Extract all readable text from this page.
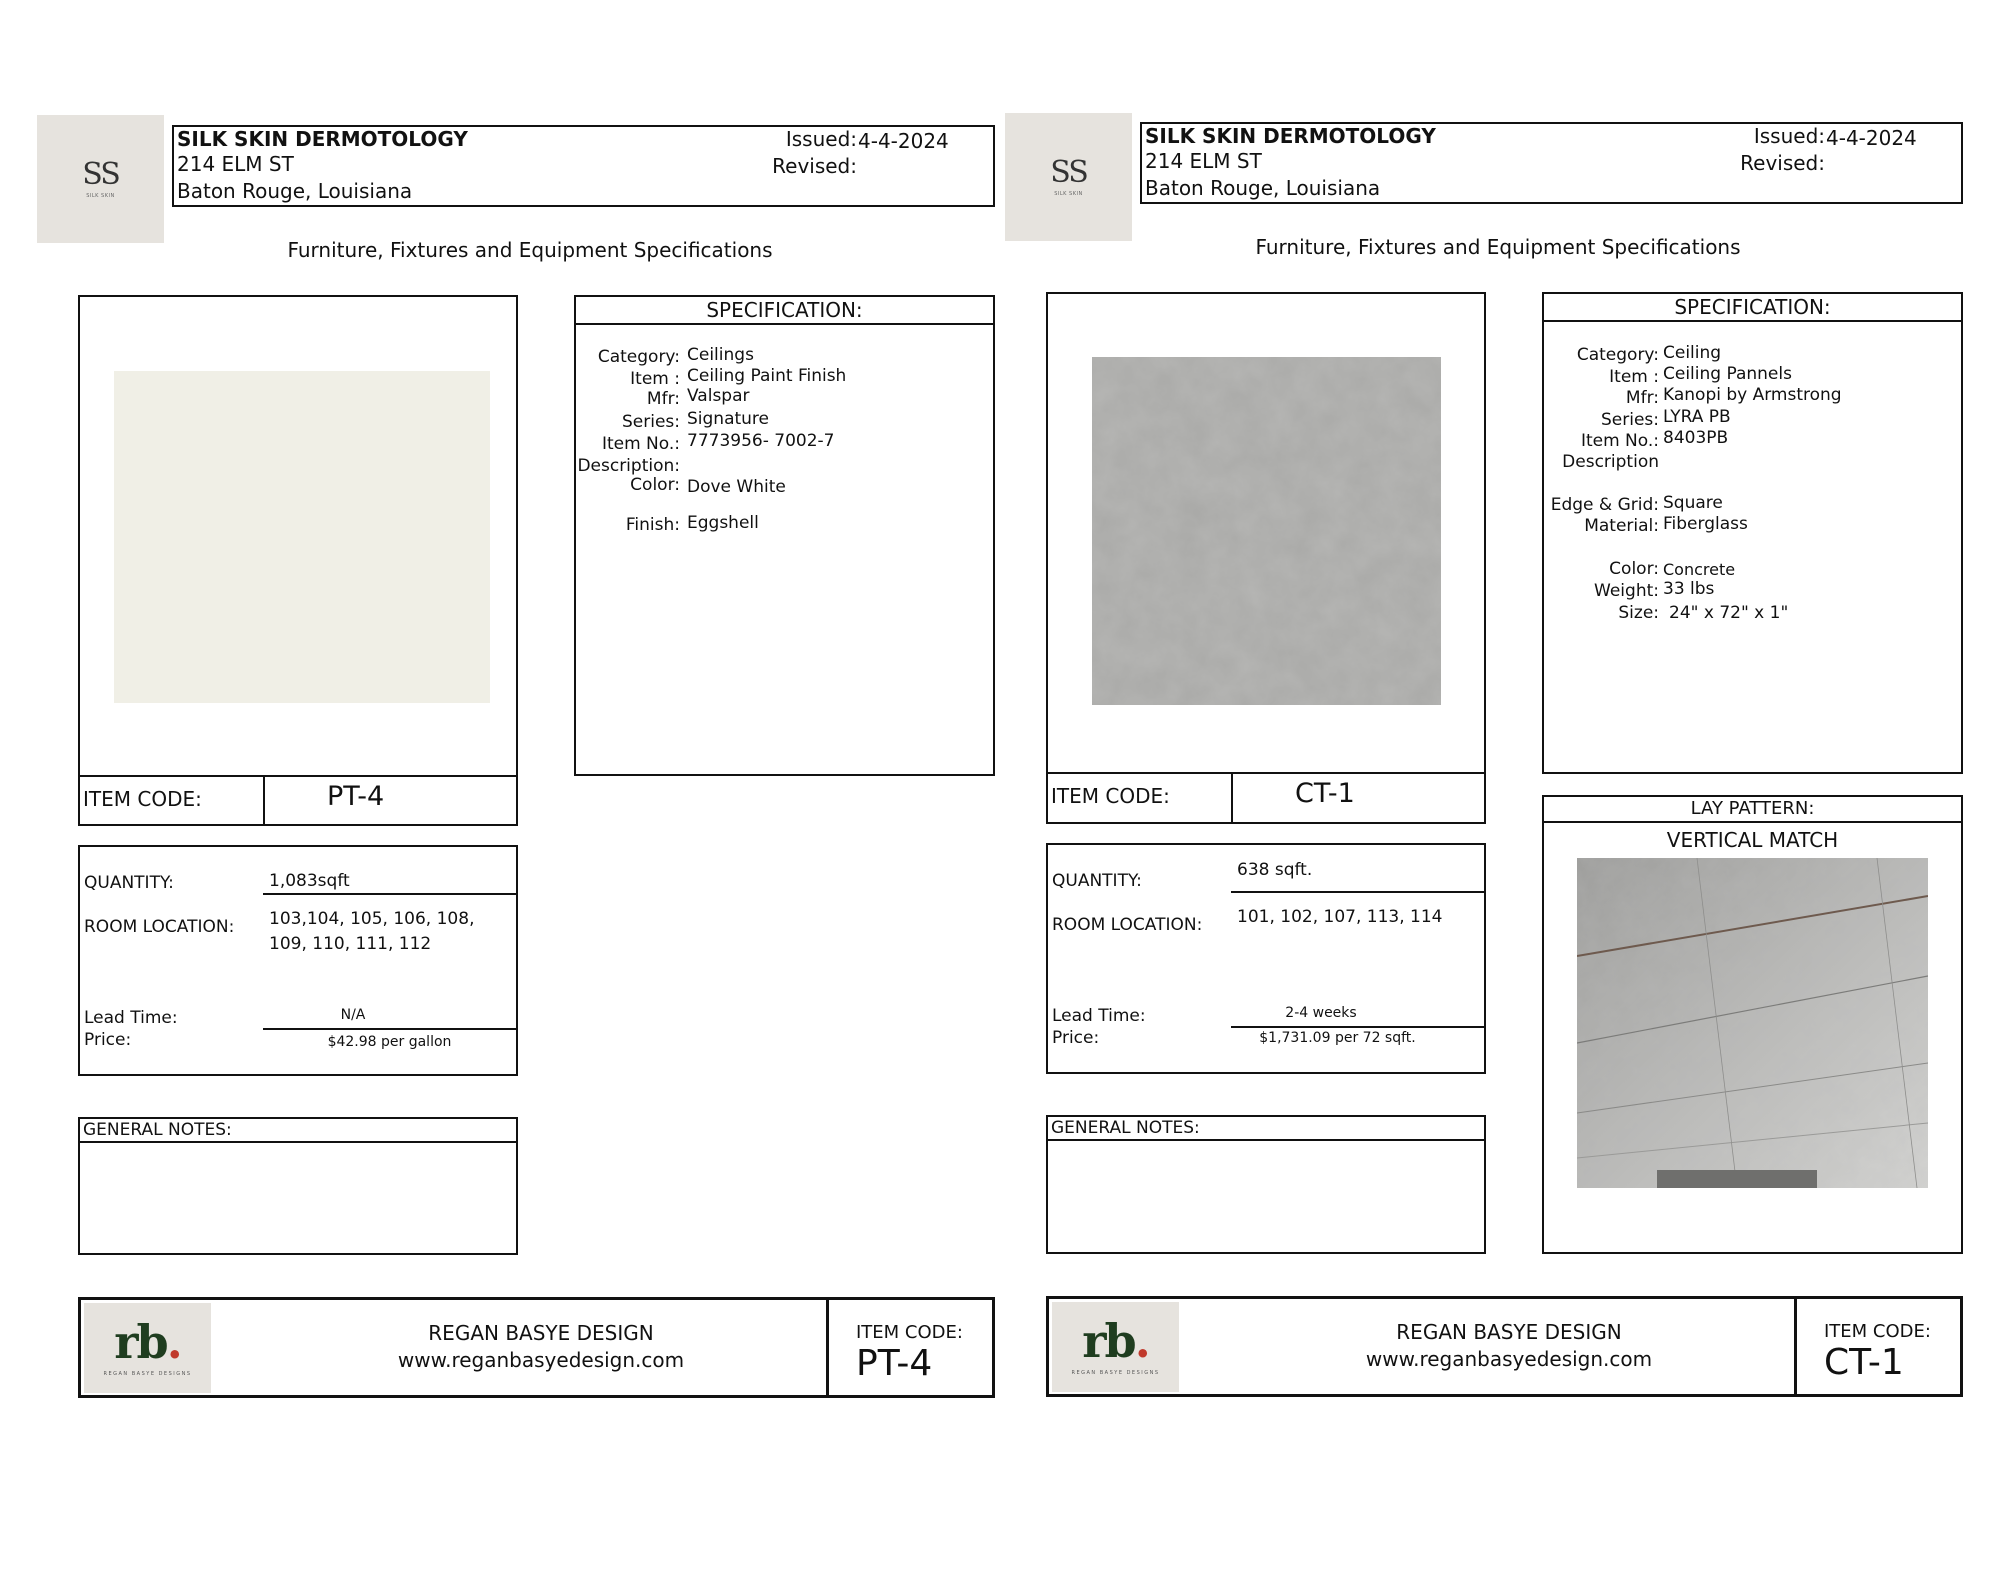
SS
SILK SKIN
SILK SKIN DERMOTOLOGY
214 ELM ST
Baton Rouge, Louisiana
Issued: 4-4-2024
Revised:
Furniture, Fixtures and Equipment Specifications
ITEM CODE:	PT-4
SPECIFICATION:
Category: Ceilings
Item : Ceiling Paint Finish
Mfr: Valspar
Series: Signature
Item No.: 7773956- 7002-7
Description:
Color: Dove White
Finish: Eggshell
QUANTITY:	1,083sqft
ROOM LOCATION: 103,104, 105, 106, 108,
109, 110, 111, 112
Lead Time:	N/A
Price:	$42.98 per gallon
GENERAL NOTES:
rb.
REGAN BASYE DESIGNS
REGAN BASYE DESIGN
www.reganbasyedesign.com
ITEM CODE:
PT-4
SS
SILK SKIN
SILK SKIN DERMOTOLOGY
214 ELM ST
Baton Rouge, Louisiana
Issued: 4-4-2024
Revised:
Furniture, Fixtures and Equipment Specifications
ITEM CODE:	CT-1
SPECIFICATION:
Category: Ceiling
Item : Ceiling Pannels
Mfr: Kanopi by Armstrong
Series: LYRA PB
Item No.: 8403PB
Description
Edge & Grid: Square
Material: Fiberglass
Color: Concrete
Weight: 33 lbs
Size: 24" x 72" x 1"
LAY PATTERN:
VERTICAL MATCH
QUANTITY:
638 sqft.
ROOM LOCATION: 101, 102, 107, 113, 114
Lead Time:	2-4 weeks
Price:	$1,731.09 per 72 sqft.
GENERAL NOTES:
rb.
REGAN BASYE DESIGNS
REGAN BASYE DESIGN
www.reganbasyedesign.com
ITEM CODE:
CT-1
